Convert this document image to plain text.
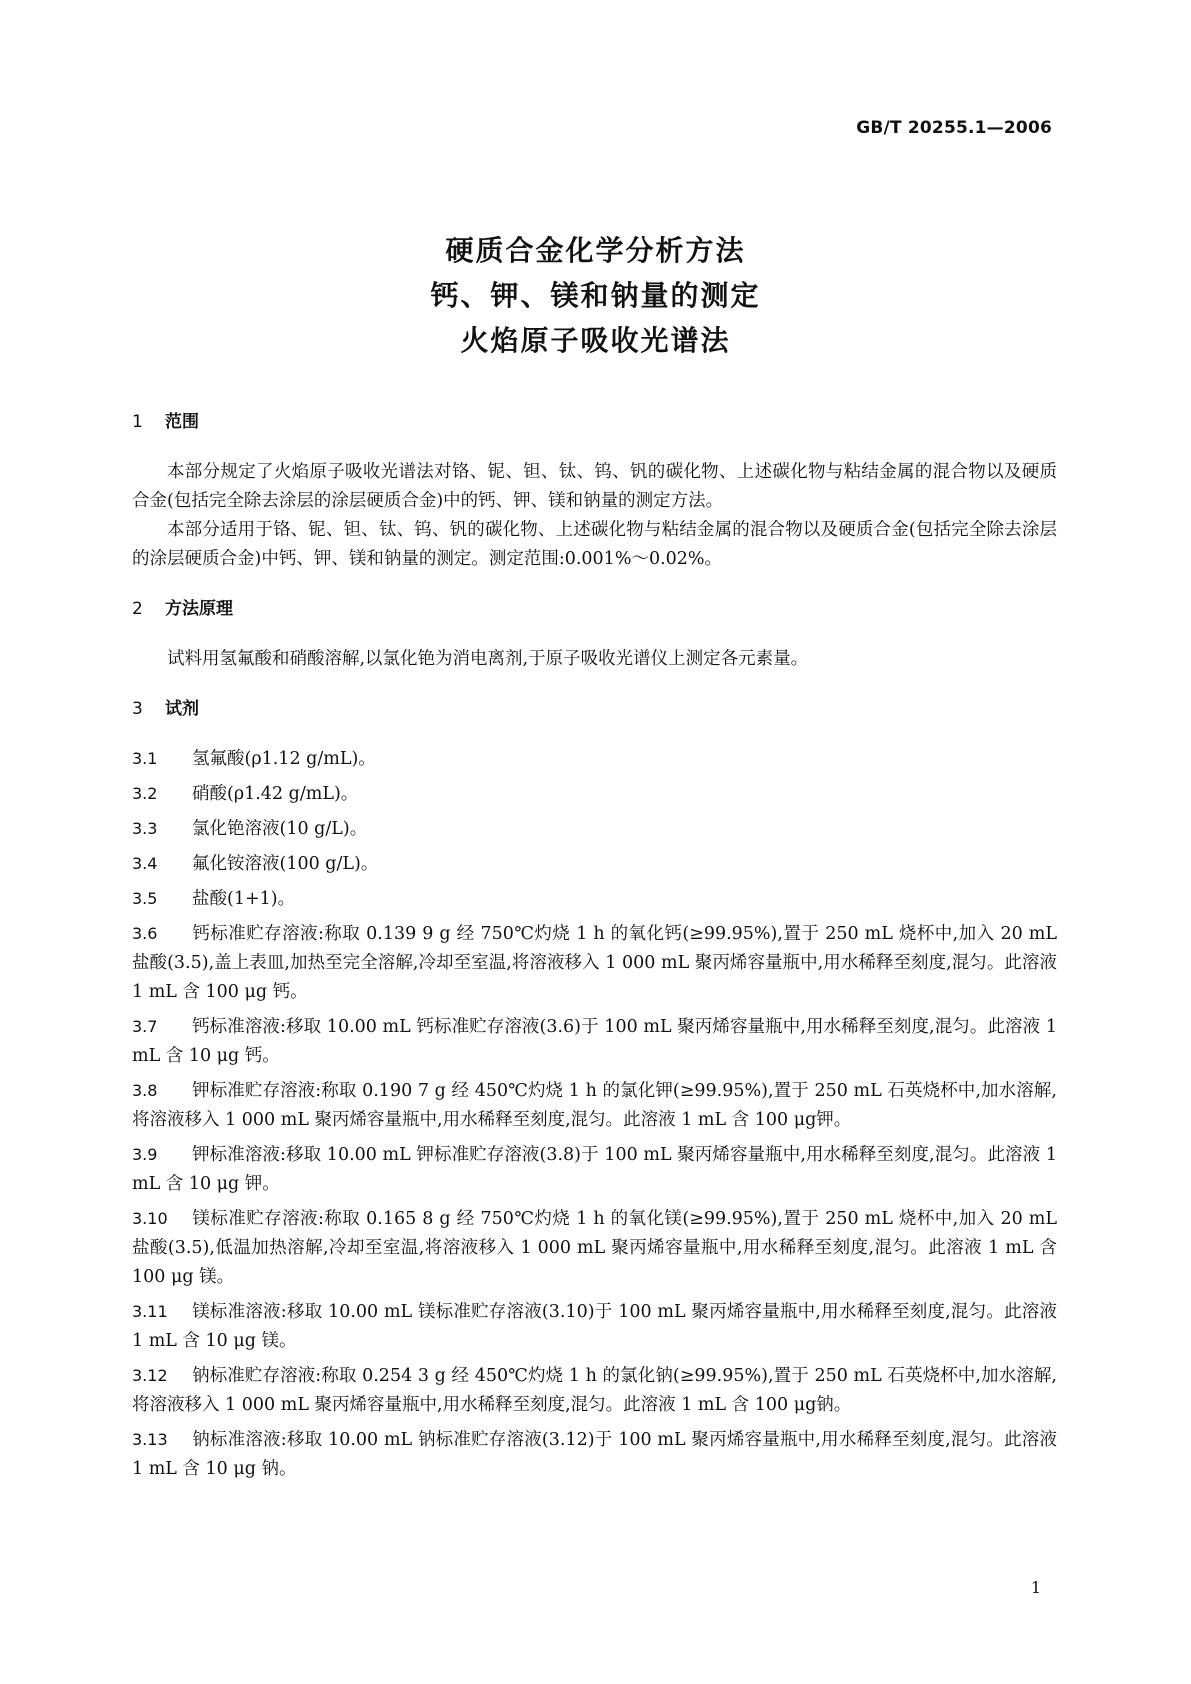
GB/T 20255.1—2006
硬质合金化学分析方法
钙、钾、镁和钠量的测定
火焰原子吸收光谱法

1 范围

本部分规定了火焰原子吸收光谱法对铬、铌、钽、钛、钨、钒的碳化物、上述碳化物与粘结金属的混合物以及硬质合金(包括完全除去涂层的涂层硬质合金)中的钙、钾、镁和钠量的测定方法。

本部分适用于铬、铌、钽、钛、钨、钒的碳化物、上述碳化物与粘结金属的混合物以及硬质合金(包括完全除去涂层的涂层硬质合金)中钙、钾、镁和钠量的测定。测定范围:0.001%～0.02%。

2 方法原理

试料用氢氟酸和硝酸溶解,以氯化铯为消电离剂,于原子吸收光谱仪上测定各元素量。

3 试剂

3.1 氢氟酸(ρ1.12 g/mL)。

3.2 硝酸(ρ1.42 g/mL)。

3.3 氯化铯溶液(10 g/L)。

3.4 氟化铵溶液(100 g/L)。

3.5 盐酸(1+1)。

3.6 钙标准贮存溶液:称取 0.139 9 g 经 750℃灼烧 1 h 的氧化钙(≥99.95%),置于 250 mL 烧杯中,加入 20 mL 盐酸(3.5),盖上表皿,加热至完全溶解,冷却至室温,将溶液移入 1 000 mL 聚丙烯容量瓶中,用水稀释至刻度,混匀。此溶液 1 mL 含 100 μg 钙。

3.7 钙标准溶液:移取 10.00 mL 钙标准贮存溶液(3.6)于 100 mL 聚丙烯容量瓶中,用水稀释至刻度,混匀。此溶液 1 mL 含 10 μg 钙。

3.8 钾标准贮存溶液:称取 0.190 7 g 经 450℃灼烧 1 h 的氯化钾(≥99.95%),置于 250 mL 石英烧杯中,加水溶解,将溶液移入 1 000 mL 聚丙烯容量瓶中,用水稀释至刻度,混匀。此溶液 1 mL 含 100 μg钾。

3.9 钾标准溶液:移取 10.00 mL 钾标准贮存溶液(3.8)于 100 mL 聚丙烯容量瓶中,用水稀释至刻度,混匀。此溶液 1 mL 含 10 μg 钾。

3.10 镁标准贮存溶液:称取 0.165 8 g 经 750℃灼烧 1 h 的氧化镁(≥99.95%),置于 250 mL 烧杯中,加入 20 mL 盐酸(3.5),低温加热溶解,冷却至室温,将溶液移入 1 000 mL 聚丙烯容量瓶中,用水稀释至刻度,混匀。此溶液 1 mL 含 100 μg 镁。

3.11 镁标准溶液:移取 10.00 mL 镁标准贮存溶液(3.10)于 100 mL 聚丙烯容量瓶中,用水稀释至刻度,混匀。此溶液 1 mL 含 10 μg 镁。

3.12 钠标准贮存溶液:称取 0.254 3 g 经 450℃灼烧 1 h 的氯化钠(≥99.95%),置于 250 mL 石英烧杯中,加水溶解,将溶液移入 1 000 mL 聚丙烯容量瓶中,用水稀释至刻度,混匀。此溶液 1 mL 含 100 μg钠。

3.13 钠标准溶液:移取 10.00 mL 钠标准贮存溶液(3.12)于 100 mL 聚丙烯容量瓶中,用水稀释至刻度,混匀。此溶液 1 mL 含 10 μg 钠。

1
